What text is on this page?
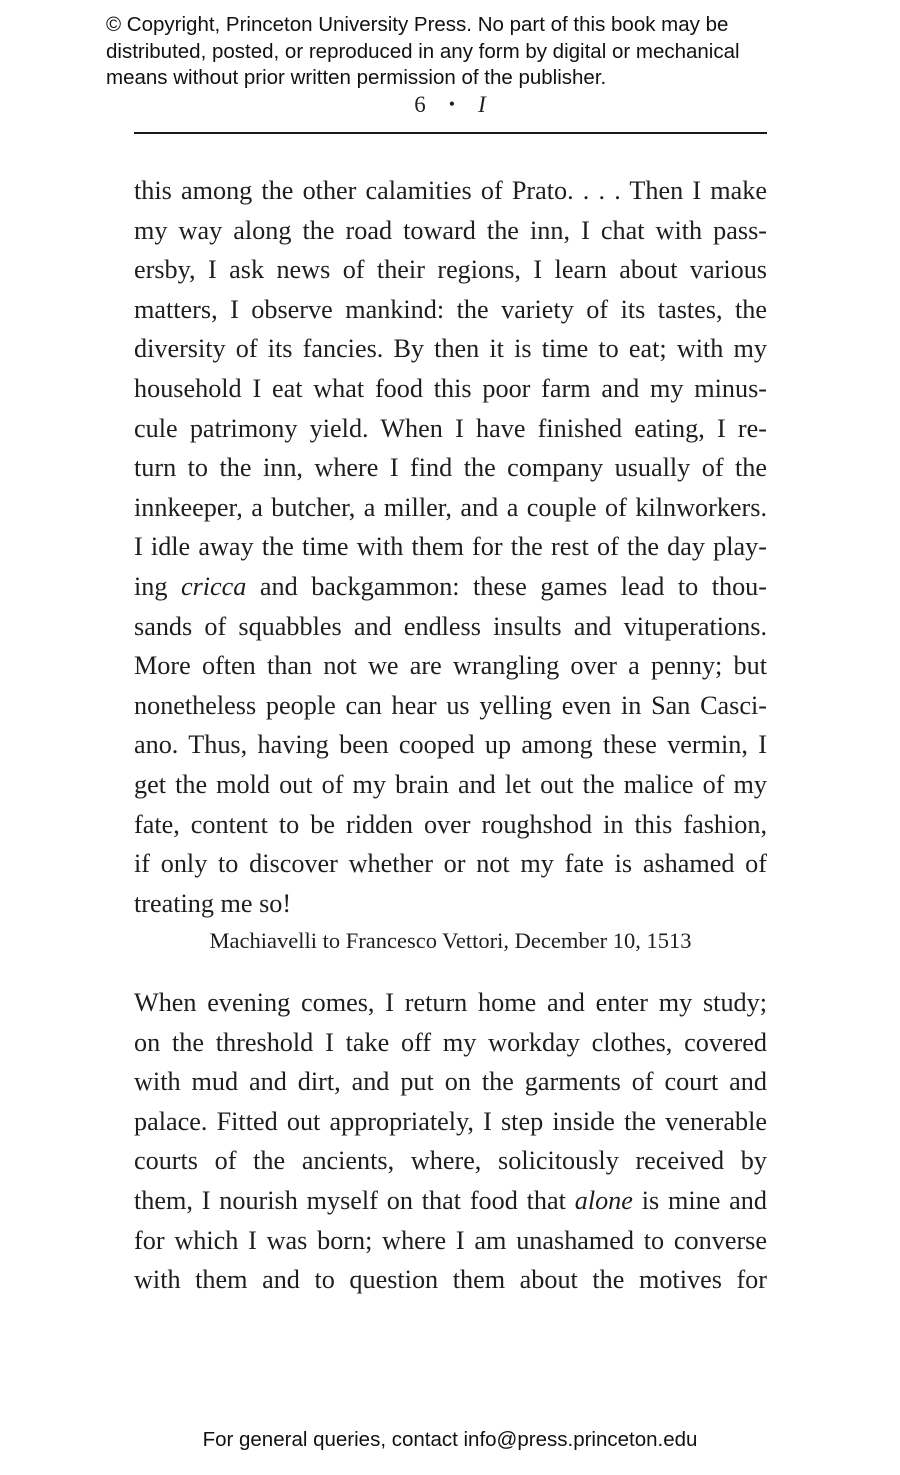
© Copyright, Princeton University Press. No part of this book may be
distributed, posted, or reproduced in any form by digital or mechanical
means without prior written permission of the publisher.
6 • I
this among the other calamities of Prato. . . . Then I make
my way along the road toward the inn, I chat with pass-
ersby, I ask news of their regions, I learn about various
matters, I observe mankind: the variety of its tastes, the
diversity of its fancies. By then it is time to eat; with my
household I eat what food this poor farm and my minus-
cule patrimony yield. When I have finished eating, I re-
turn to the inn, where I find the company usually of the
innkeeper, a butcher, a miller, and a couple of kilnworkers.
I idle away the time with them for the rest of the day play-
ing cricca and backgammon: these games lead to thou-
sands of squabbles and endless insults and vituperations.
More often than not we are wrangling over a penny; but
nonetheless people can hear us yelling even in San Casci-
ano. Thus, having been cooped up among these vermin, I
get the mold out of my brain and let out the malice of my
fate, content to be ridden over roughshod in this fashion,
if only to discover whether or not my fate is ashamed of
treating me so!
Machiavelli to Francesco Vettori, December 10, 1513
When evening comes, I return home and enter my study;
on the threshold I take off my workday clothes, covered
with mud and dirt, and put on the garments of court and
palace. Fitted out appropriately, I step inside the venerable
courts of the ancients, where, solicitously received by
them, I nourish myself on that food that alone is mine and
for which I was born; where I am unashamed to converse
with them and to question them about the motives for
For general queries, contact info@press.princeton.edu
